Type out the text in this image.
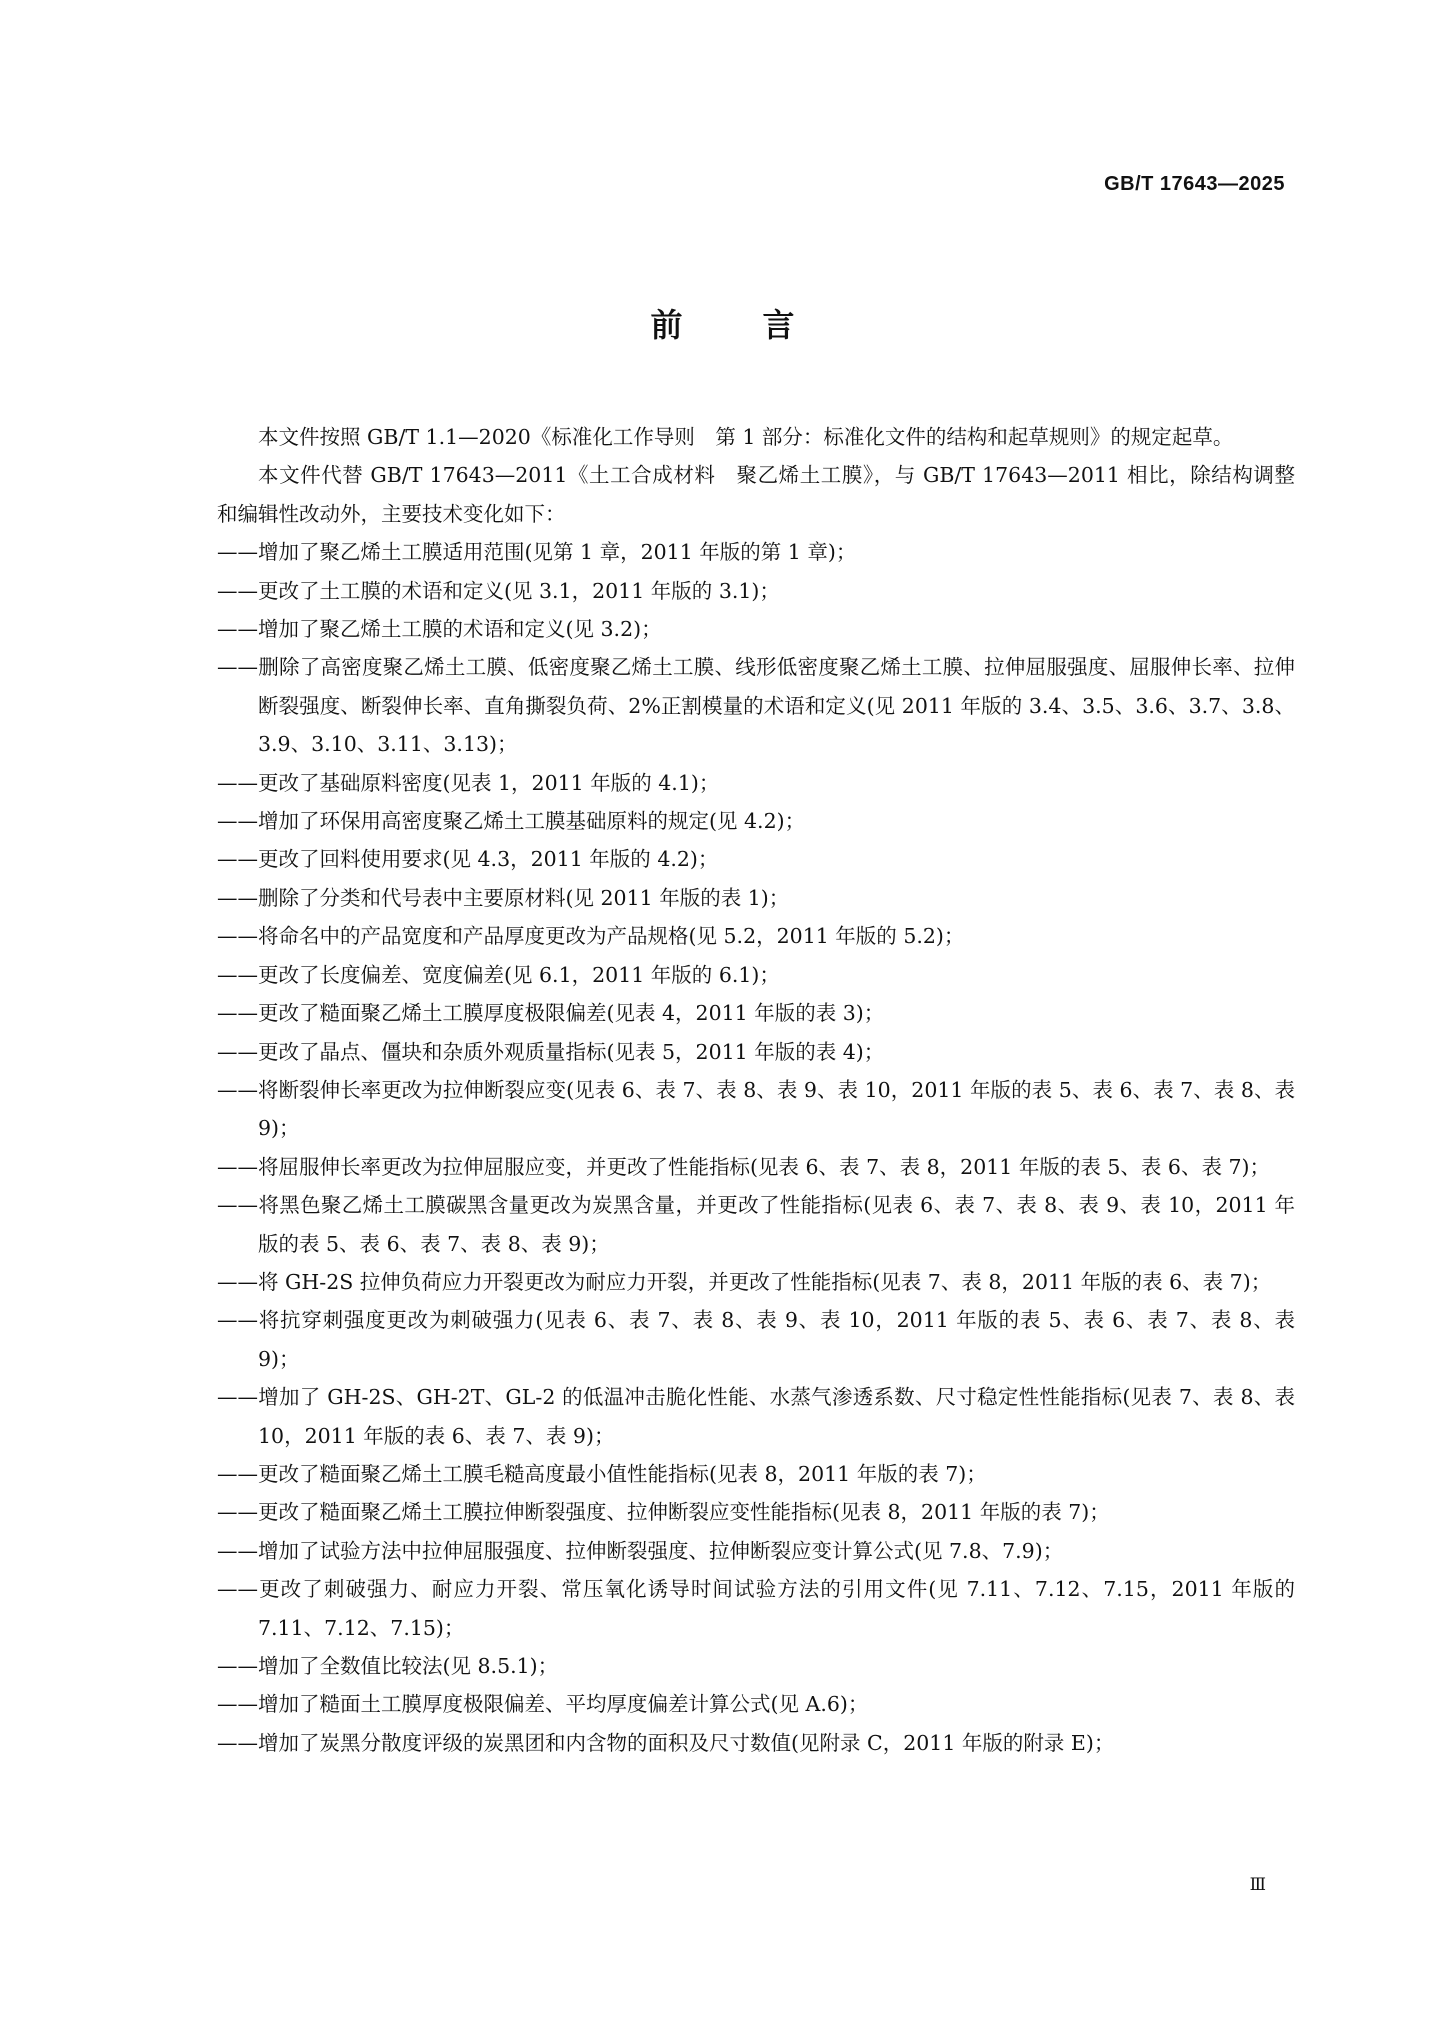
GB/T 17643—2025
前言

本文件按照 GB/T 1.1—2020《标准化工作导则　第 1 部分：标准化文件的结构和起草规则》的规定起草。

本文件代替 GB/T 17643—2011《土工合成材料　聚乙烯土工膜》，与 GB/T 17643—2011 相比，除结构调整和编辑性改动外，主要技术变化如下：

——增加了聚乙烯土工膜适用范围(见第 1 章，2011 年版的第 1 章)；

——更改了土工膜的术语和定义(见 3.1，2011 年版的 3.1)；

——增加了聚乙烯土工膜的术语和定义(见 3.2)；

——删除了高密度聚乙烯土工膜、低密度聚乙烯土工膜、线形低密度聚乙烯土工膜、拉伸屈服强度、屈服伸长率、拉伸断裂强度、断裂伸长率、直角撕裂负荷、2%正割模量的术语和定义(见 2011 年版的 3.4、3.5、3.6、3.7、3.8、3.9、3.10、3.11、3.13)；

——更改了基础原料密度(见表 1，2011 年版的 4.1)；

——增加了环保用高密度聚乙烯土工膜基础原料的规定(见 4.2)；

——更改了回料使用要求(见 4.3，2011 年版的 4.2)；

——删除了分类和代号表中主要原材料(见 2011 年版的表 1)；

——将命名中的产品宽度和产品厚度更改为产品规格(见 5.2，2011 年版的 5.2)；

——更改了长度偏差、宽度偏差(见 6.1，2011 年版的 6.1)；

——更改了糙面聚乙烯土工膜厚度极限偏差(见表 4，2011 年版的表 3)；

——更改了晶点、僵块和杂质外观质量指标(见表 5，2011 年版的表 4)；

——将断裂伸长率更改为拉伸断裂应变(见表 6、表 7、表 8、表 9、表 10，2011 年版的表 5、表 6、表 7、表 8、表 9)；

——将屈服伸长率更改为拉伸屈服应变，并更改了性能指标(见表 6、表 7、表 8，2011 年版的表 5、表 6、表 7)；

——将黑色聚乙烯土工膜碳黑含量更改为炭黑含量，并更改了性能指标(见表 6、表 7、表 8、表 9、表 10，2011 年版的表 5、表 6、表 7、表 8、表 9)；

——将 GH-2S 拉伸负荷应力开裂更改为耐应力开裂，并更改了性能指标(见表 7、表 8，2011 年版的表 6、表 7)；

——将抗穿刺强度更改为刺破强力(见表 6、表 7、表 8、表 9、表 10，2011 年版的表 5、表 6、表 7、表 8、表 9)；

——增加了 GH-2S、GH-2T、GL-2 的低温冲击脆化性能、水蒸气渗透系数、尺寸稳定性性能指标(见表 7、表 8、表 10，2011 年版的表 6、表 7、表 9)；

——更改了糙面聚乙烯土工膜毛糙高度最小值性能指标(见表 8，2011 年版的表 7)；

——更改了糙面聚乙烯土工膜拉伸断裂强度、拉伸断裂应变性能指标(见表 8，2011 年版的表 7)；

——增加了试验方法中拉伸屈服强度、拉伸断裂强度、拉伸断裂应变计算公式(见 7.8、7.9)；

——更改了刺破强力、耐应力开裂、常压氧化诱导时间试验方法的引用文件(见 7.11、7.12、7.15，2011 年版的 7.11、7.12、7.15)；

——增加了全数值比较法(见 8.5.1)；

——增加了糙面土工膜厚度极限偏差、平均厚度偏差计算公式(见 A.6)；

——增加了炭黑分散度评级的炭黑团和内含物的面积及尺寸数值(见附录 C，2011 年版的附录 E)；

Ⅲ
